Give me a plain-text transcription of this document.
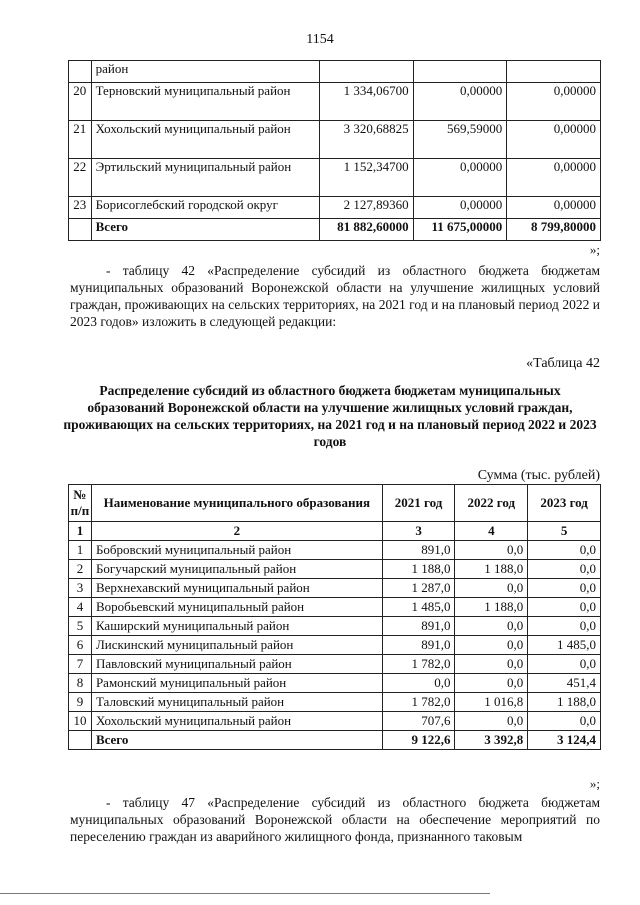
1154
	район			
20	Терновский муниципальный район	1 334,06700	0,00000	0,00000
21	Хохольский муниципальный район	3 320,68825	569,59000	0,00000
22	Эртильский муниципальный район	1 152,34700	0,00000	0,00000
23	Борисоглебский городской округ	2 127,89360	0,00000	0,00000
	Всего	81 882,60000	11 675,00000	8 799,80000
»;
- таблицу 42 «Распределение субсидий из областного бюджета бюджетам муниципальных образований Воронежской области на улучшение жилищных условий граждан, проживающих на сельских территориях, на 2021 год и на плановый период 2022 и 2023 годов» изложить в следующей редакции:
«Таблица 42
Распределение субсидий из областного бюджета бюджетам муниципальных образований Воронежской области на улучшение жилищных условий граждан, проживающих на сельских территориях, на 2021 год и на плановый период 2022 и 2023 годов
Сумма (тыс. рублей)
№ п/п	Наименование муниципального образования	2021 год	2022 год	2023 год
1	2	3	4	5
1	Бобровский муниципальный район	891,0	0,0	0,0
2	Богучарский муниципальный район	1 188,0	1 188,0	0,0
3	Верхнехавский муниципальный район	1 287,0	0,0	0,0
4	Воробьевский муниципальный район	1 485,0	1 188,0	0,0
5	Каширский муниципальный район	891,0	0,0	0,0
6	Лискинский муниципальный район	891,0	0,0	1 485,0
7	Павловский муниципальный район	1 782,0	0,0	0,0
8	Рамонский муниципальный район	0,0	0,0	451,4
9	Таловский муниципальный район	1 782,0	1 016,8	1 188,0
10	Хохольский муниципальный район	707,6	0,0	0,0
	Всего	9 122,6	3 392,8	3 124,4
»;
- таблицу 47 «Распределение субсидий из областного бюджета бюджетам муниципальных образований Воронежской области на обеспечение мероприятий по переселению граждан из аварийного жилищного фонда, признанного таковым
